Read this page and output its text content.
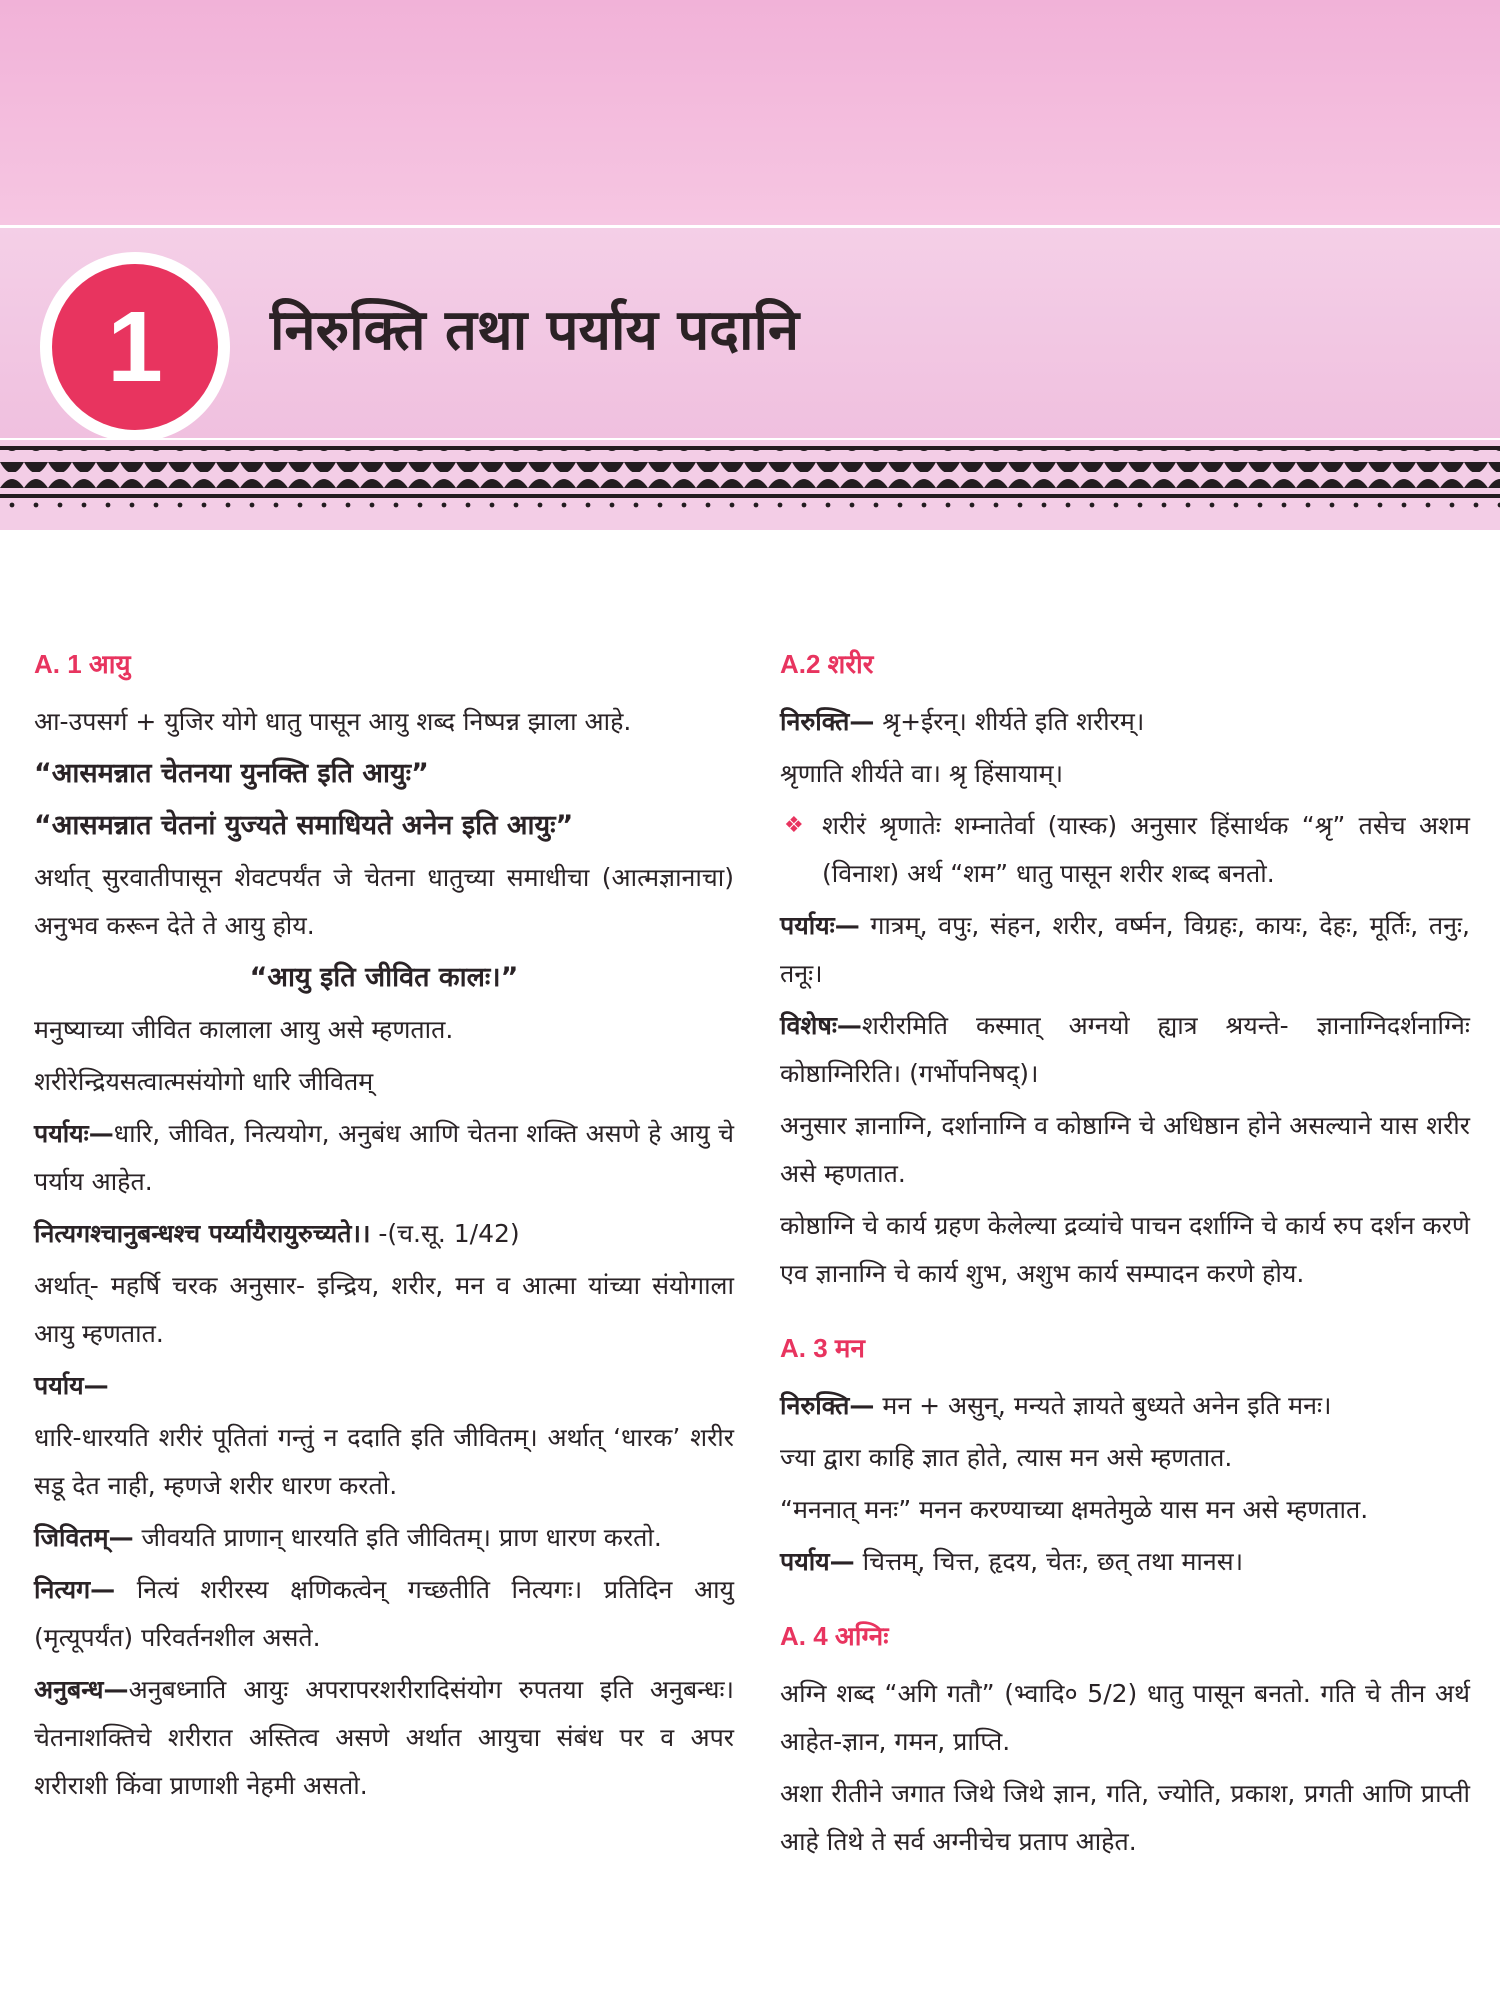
1 निरुक्ति तथा पर्याय पदानि
A. 1 आयु

आ-उपसर्ग + युजिर योगे धातु पासून आयु शब्द निष्पन्न झाला आहे.

“आसमन्नात चेतनया युनक्ति इति आयुः”

“आसमन्नात चेतनां युज्यते समाधियते अनेन इति आयुः”

अर्थात् सुरवातीपासून शेवटपर्यंत जे चेतना धातुच्या समाधीचा (आत्मज्ञानाचा) अनुभव करून देते ते आयु होय.

“आयु इति जीवित कालः।”

मनुष्याच्या जीवित कालाला आयु असे म्हणतात.

शरीरेन्द्रियसत्वात्मसंयोगो धारि जीवितम्

पर्यायः—धारि, जीवित, नित्ययोग, अनुबंध आणि चेतना शक्ति असणे हे आयु चे पर्याय आहेत.

नित्यगश्चानुबन्धश्च पर्य्यायैरायुरुच्यते।। -(च.सू. 1/42)

अर्थात्- महर्षि चरक अनुसार- इन्द्रिय, शरीर, मन व आत्मा यांच्या संयोगाला आयु म्हणतात.

पर्याय—

धारि-धारयति शरीरं पूतितां गन्तुं न ददाति इति जीवितम्। अर्थात् ‘धारक’ शरीर सडू देत नाही, म्हणजे शरीर धारण करतो.

जिवितम्— जीवयति प्राणान् धारयति इति जीवितम्। प्राण धारण करतो.

नित्यग— नित्यं शरीरस्य क्षणिकत्वेन् गच्छतीति नित्यगः। प्रतिदिन आयु (मृत्यूपर्यंत) परिवर्तनशील असते.

अनुबन्ध—अनुबध्नाति आयुः अपरापरशरीरादिसंयोग रुपतया इति अनुबन्धः। चेतनाशक्तिचे शरीरात अस्तित्व असणे अर्थात आयुचा संबंध पर व अपर शरीराशी किंवा प्राणाशी नेहमी असतो.

A.2 शरीर

निरुक्ति— श्रृ+ईरन्। शीर्यते इति शरीरम्।

श्रृणाति शीर्यते वा। श्रृ हिंसायाम्।

❖ शरीरं श्रृणातेः शम्नातेर्वा (यास्क) अनुसार हिंसार्थक “श्रृ” तसेच अशम (विनाश) अर्थ “शम” धातु पासून शरीर शब्द बनतो.

पर्यायः— गात्रम्, वपुः, संहन, शरीर, वर्ष्मन, विग्रहः, कायः, देहः, मूर्तिः, तनुः, तनूः।

विशेषः—शरीरमिति कस्मात् अग्नयो ह्यात्र श्रयन्ते- ज्ञानाग्निदर्शनाग्निः कोष्ठाग्निरिति। (गर्भोपनिषद्)।

अनुसार ज्ञानाग्नि, दर्शानाग्नि व कोष्ठाग्नि चे अधिष्ठान होने असल्याने यास शरीर असे म्हणतात.

कोष्ठाग्नि चे कार्य ग्रहण केलेल्या द्रव्यांचे पाचन दर्शाग्नि चे कार्य रुप दर्शन करणे एव ज्ञानाग्नि चे कार्य शुभ, अशुभ कार्य सम्पादन करणे होय.

A. 3 मन

निरुक्ति— मन + असुन्, मन्यते ज्ञायते बुध्यते अनेन इति मनः।

ज्या द्वारा काहि ज्ञात होते, त्यास मन असे म्हणतात.

“मननात् मनः” मनन करण्याच्या क्षमतेमुळे यास मन असे म्हणतात.

पर्याय— चित्तम्, चित्त, हृदय, चेतः, छत् तथा मानस।

A. 4 अग्निः

अग्नि शब्द “अगि गतौ” (भ्वादि० 5/2) धातु पासून बनतो. गति चे तीन अर्थ आहेत-ज्ञान, गमन, प्राप्ति.

अशा रीतीने जगात जिथे जिथे ज्ञान, गति, ज्योति, प्रकाश, प्रगती आणि प्राप्ती आहे तिथे ते सर्व अग्नीचेच प्रताप आहेत.
